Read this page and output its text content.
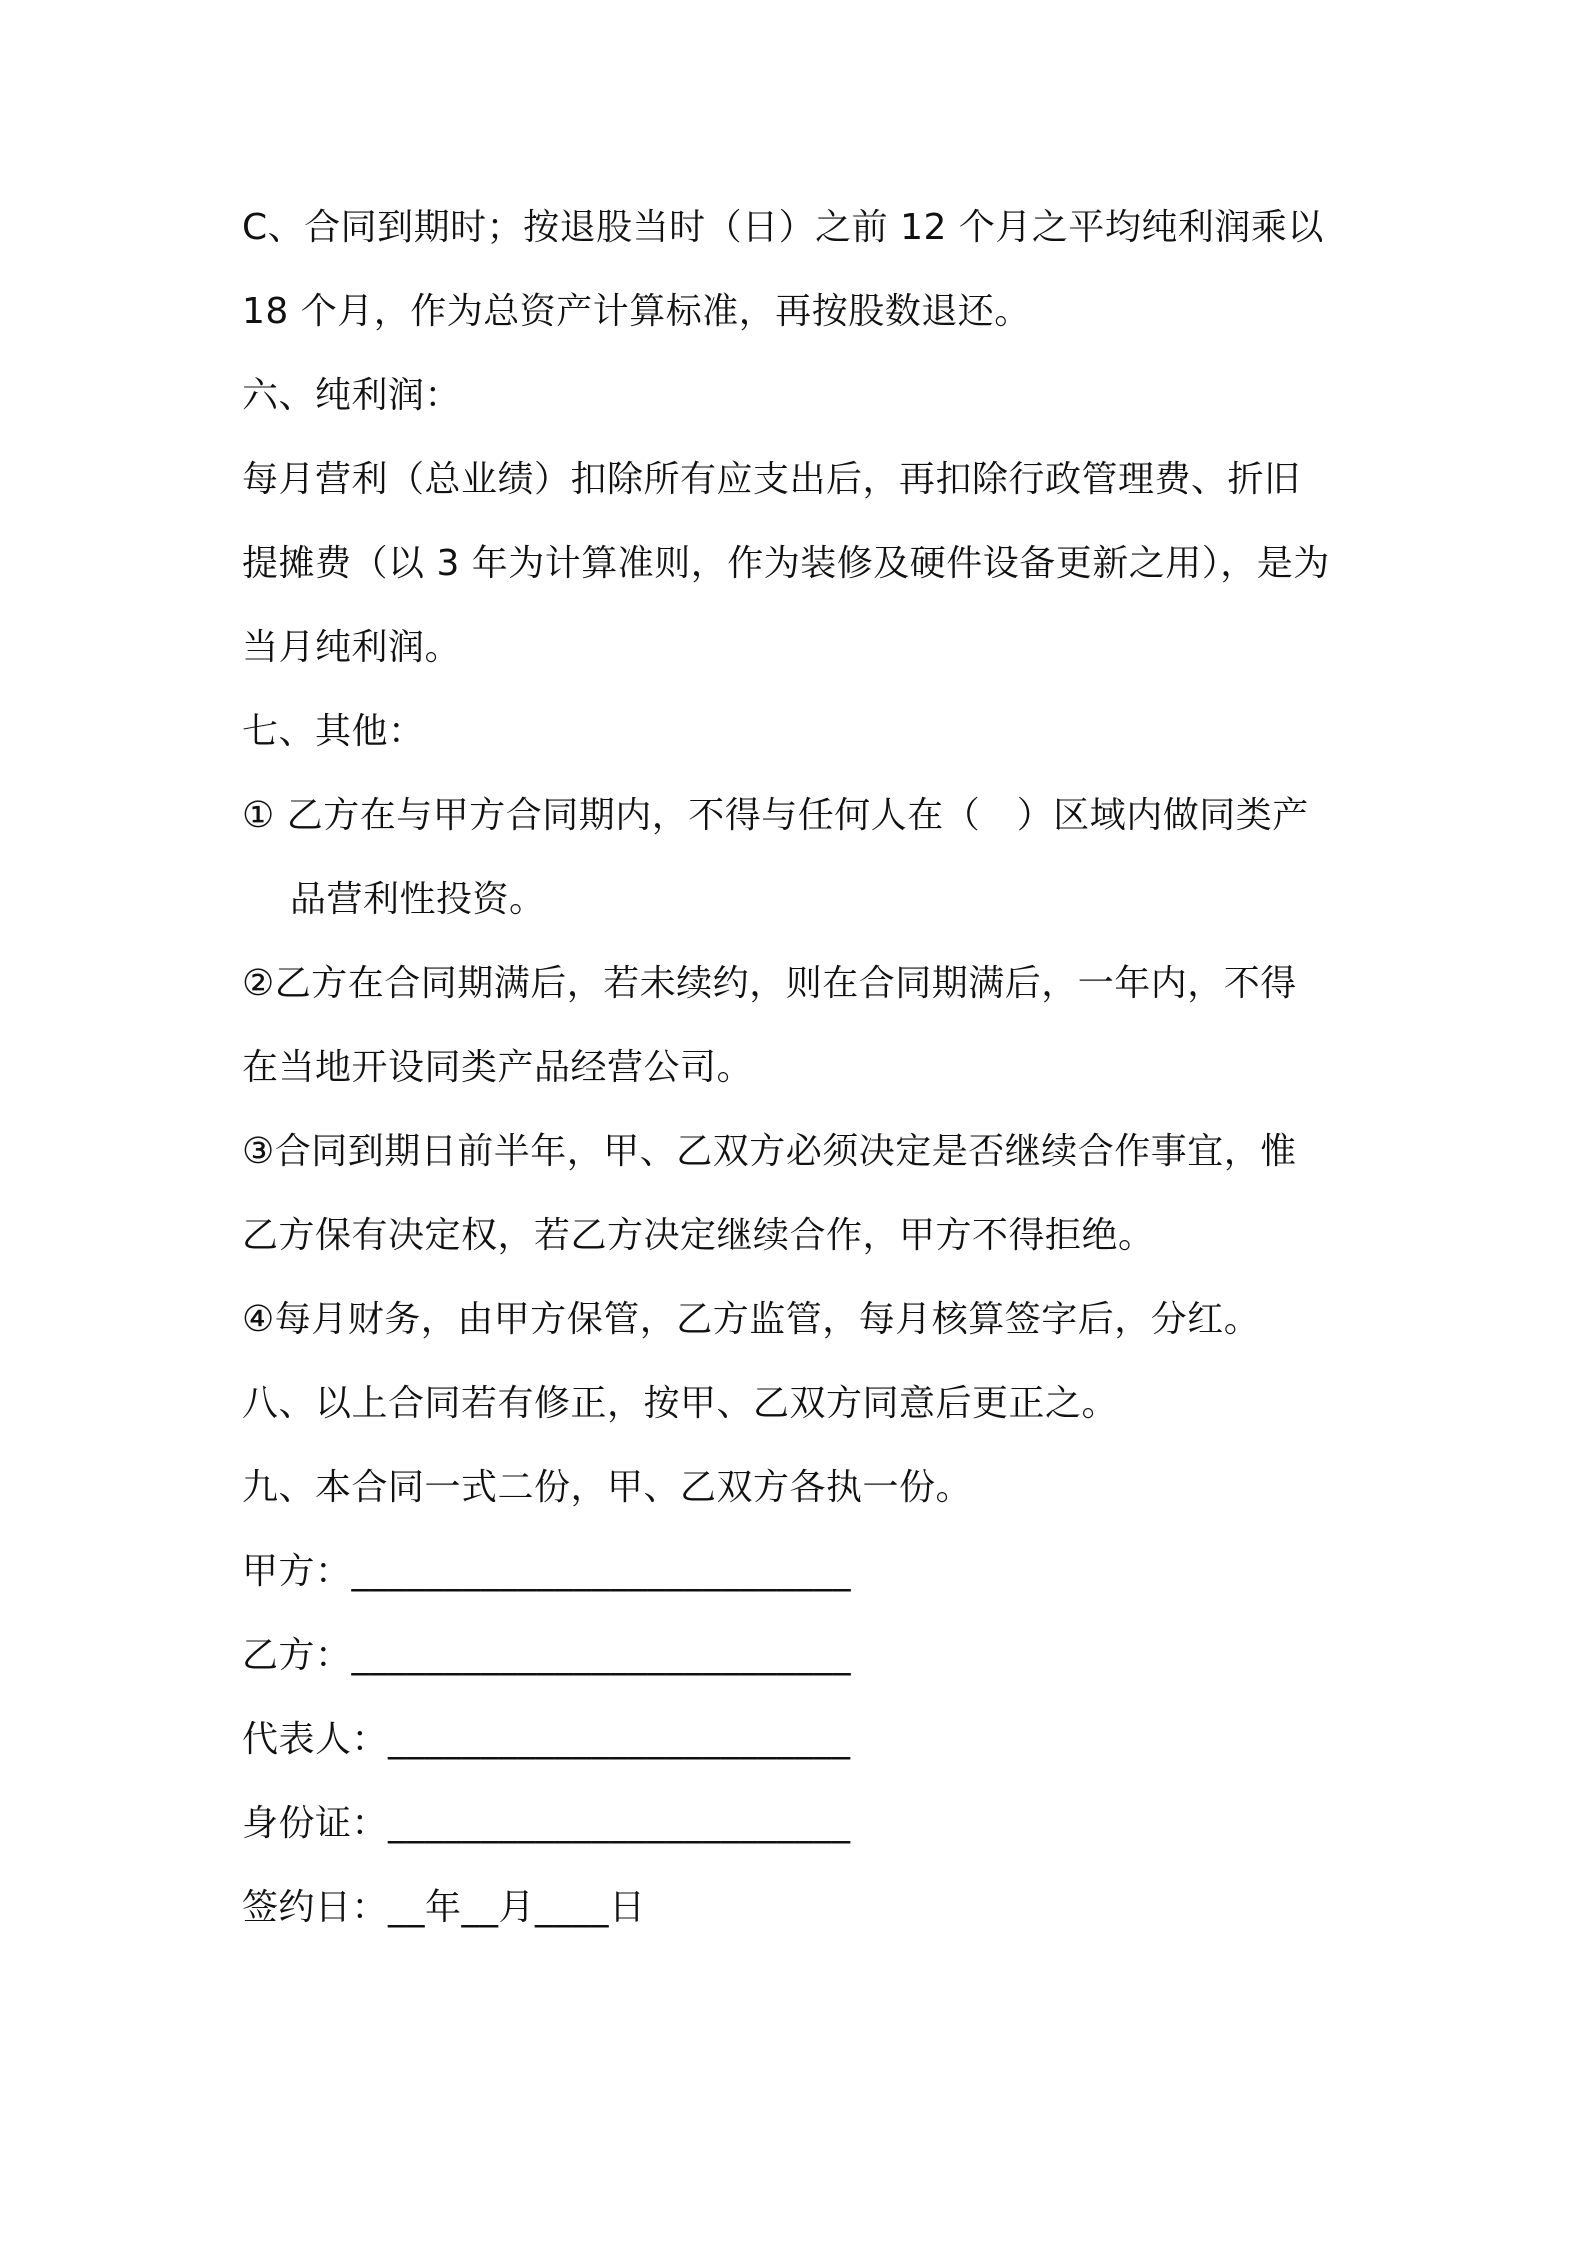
C、合同到期时；按退股当时（日）之前 12 个月之平均纯利润乘以
18 个月，作为总资产计算标准，再按股数退还。
六、纯利润：
每月营利（总业绩）扣除所有应支出后，再扣除行政管理费、折旧
提摊费（以 3 年为计算准则，作为装修及硬件设备更新之用），是为
当月纯利润。
七、其他：
① 乙方在与甲方合同期内，不得与任何人在（　）区域内做同类产
品营利性投资。
②乙方在合同期满后，若未续约，则在合同期满后，一年内，不得
在当地开设同类产品经营公司。
③合同到期日前半年，甲、乙双方必须决定是否继续合作事宜，惟
乙方保有决定权，若乙方决定继续合作，甲方不得拒绝。
④每月财务，由甲方保管，乙方监管，每月核算签字后，分红。
八、以上合同若有修正，按甲、乙双方同意后更正之。
九、本合同一式二份，甲、乙双方各执一份。
甲方：___________________________
乙方：___________________________
代表人：_________________________
身份证：_________________________
签约日：__年__月____日
